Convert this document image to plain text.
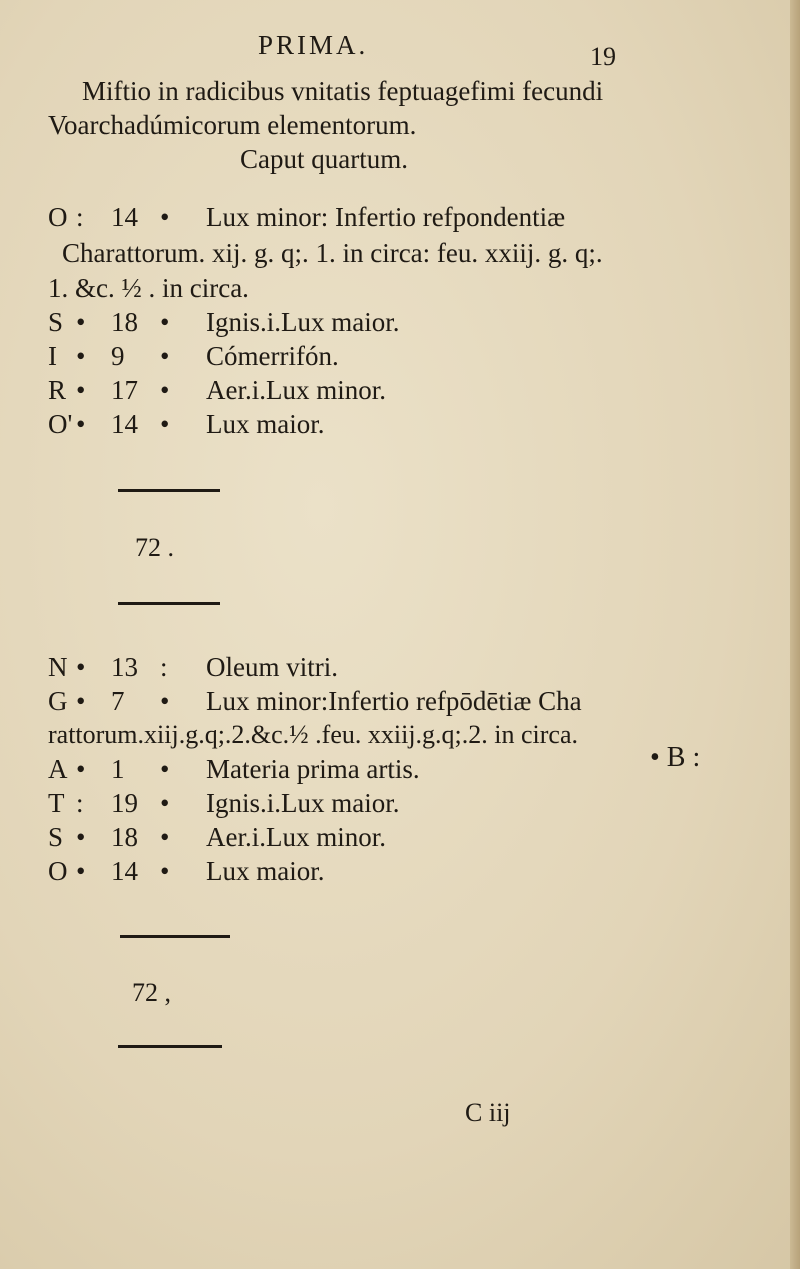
PRIMA.	19
Miftio in radicibus vnitatis feptuagefimi fecundi
Voarchadúmicorum elementorum.
Caput quartum.
O : 14 • Lux minor: Infertio refpondentiæ
Charattorum. xij. g. q;. 1. in circa: feu. xxiij. g. q;.
1. &c. ½ . in circa.
S • 18 • Ignis.i.Lux maior.
I • 9 • Cómerrifón.
R • 17 • Aer.i.Lux minor.
O' • 14 • Lux maior.
72 .
N • 13 : Oleum vitri.
G • 7 • Lux minor:Infertio refpōdētiæ Cha
rattorum.xiij.g.q;.2.&c.½ .feu. xxiij.g.q;.2. in circa.
A • 1 • Materia prima artis.
T : 19 • Ignis.i.Lux maior.
S • 18 • Aer.i.Lux minor.
O • 14 • Lux maior.
• B :
72 ,
C iij
